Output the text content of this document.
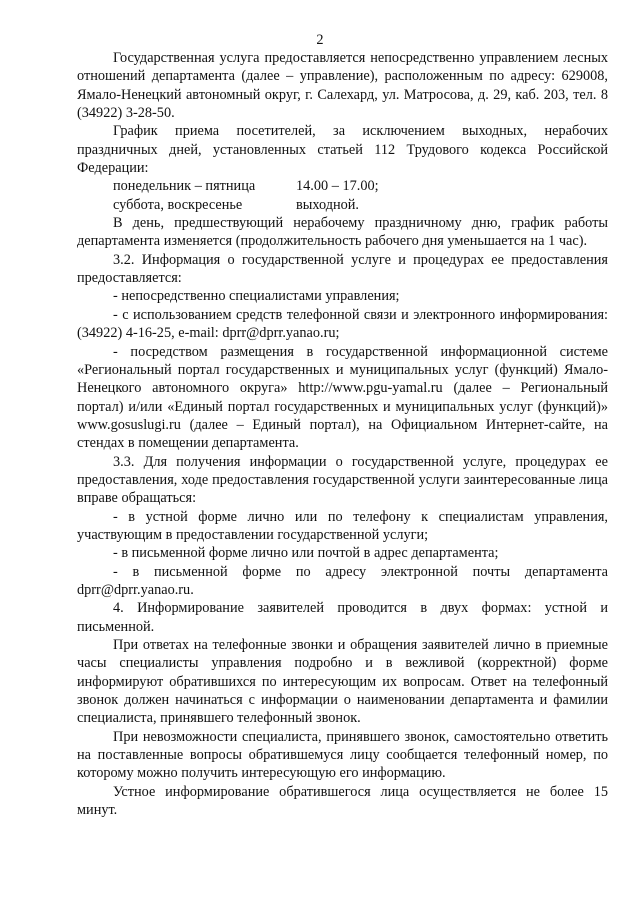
2

Государственная услуга предоставляется непосредственно управлением лесных отношений департамента (далее – управление), расположенным по адресу: 629008, Ямало-Ненецкий автономный округ, г. Салехард, ул. Матросова, д. 29, каб. 203, тел. 8 (34922) 3-28-50.

График приема посетителей, за исключением выходных, нерабочих праздничных дней, установленных статьей 112 Трудового кодекса Российской Федерации:

понедельник – пятница	14.00 – 17.00;

суббота, воскресенье	выходной.

В день, предшествующий нерабочему праздничному дню, график работы департамента изменяется (продолжительность рабочего дня уменьшается на 1 час).

3.2. Информация о государственной услуге и процедурах ее предоставления предоставляется:

- непосредственно специалистами управления;

- с использованием средств телефонной связи и электронного информирования: (34922) 4-16-25, e-mail: dprr@dprr.yanao.ru;

- посредством размещения в государственной информационной системе «Региональный портал государственных и муниципальных услуг (функций) Ямало-Ненецкого автономного округа» http://www.pgu-yamal.ru (далее – Региональный портал) и/или «Единый портал государственных и муниципальных услуг (функций)» www.gosuslugi.ru (далее – Единый портал), на Официальном Интернет-сайте, на стендах в помещении департамента.

3.3. Для получения информации о государственной услуге, процедурах ее предоставления, ходе предоставления государственной услуги заинтересованные лица вправе обращаться:

- в устной форме лично или по телефону к специалистам управления, участвующим в предоставлении государственной услуги;

- в письменной форме лично или почтой в адрес департамента;

- в письменной форме по адресу электронной почты департамента dprr@dprr.yanao.ru.

4. Информирование заявителей проводится в двух формах: устной и письменной.

При ответах на телефонные звонки и обращения заявителей лично в приемные часы специалисты управления подробно и в вежливой (корректной) форме информируют обратившихся по интересующим их вопросам. Ответ на телефонный звонок должен начинаться с информации о наименовании департамента и фамилии специалиста, принявшего телефонный звонок.

При невозможности специалиста, принявшего звонок, самостоятельно ответить на поставленные вопросы обратившемуся лицу сообщается телефонный номер, по которому можно получить интересующую его информацию.

Устное информирование обратившегося лица осуществляется не более 15 минут.
